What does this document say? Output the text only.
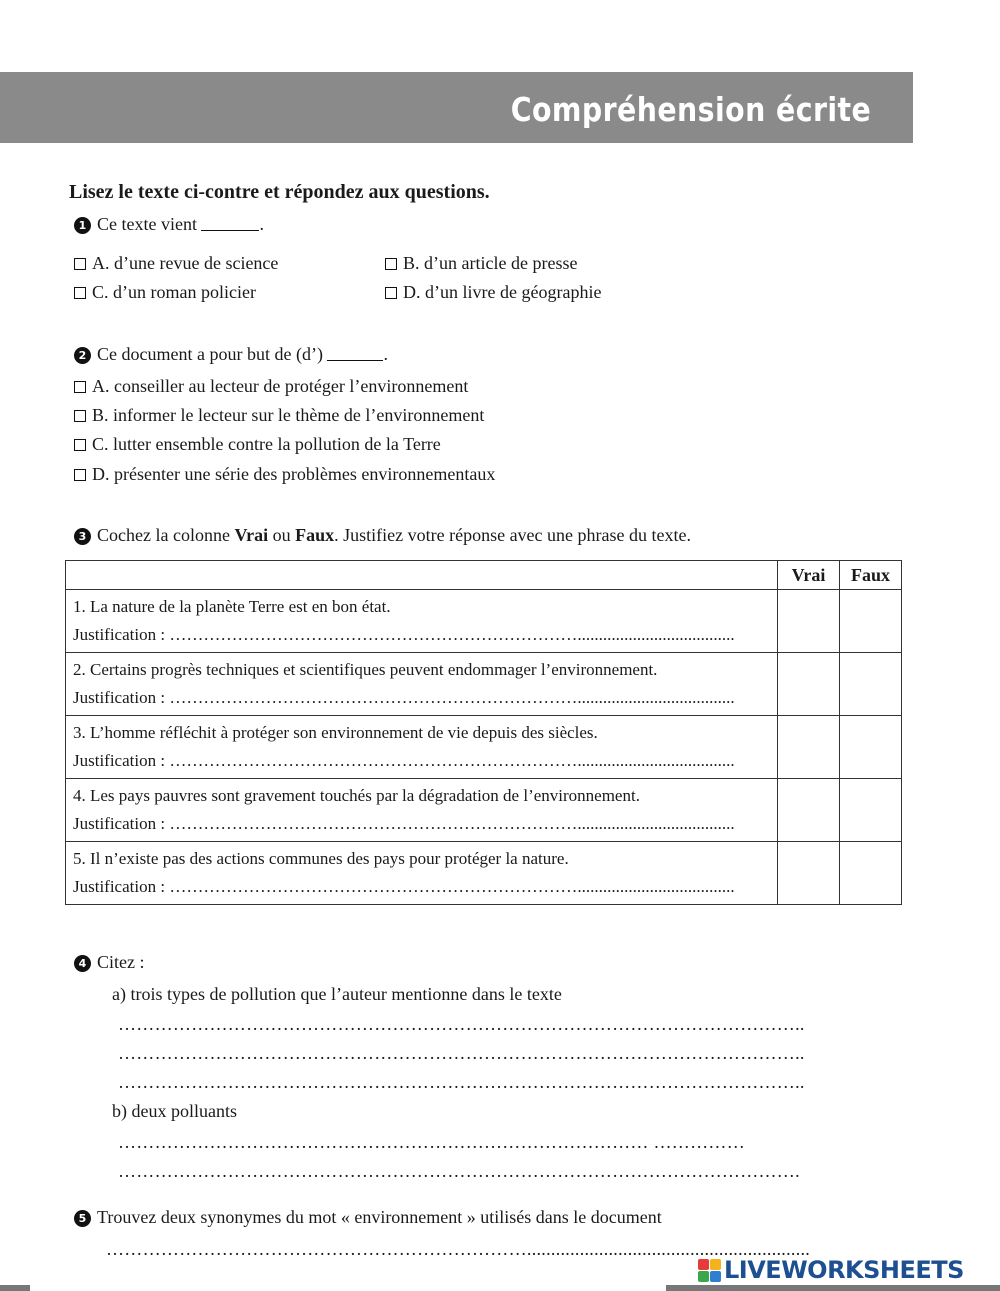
Compréhension écrite
Lisez le texte ci-contre et répondez aux questions.
1 Ce texte vient	.
A. d’une revue de science	B. d’un article de presse
C. d’un roman policier	D. d’un livre de géographie
2 Ce document a pour but de (d’)	.
A. conseiller au lecteur de protéger l’environnement
B. informer le lecteur sur le thème de l’environnement
C. lutter ensemble contre la pollution de la Terre
D. présenter une série des problèmes environnementaux
3 Cochez la colonne Vrai ou Faux. Justifiez votre réponse avec une phrase du texte.
	Vrai	Faux

1. La nature de la planète Terre est en bon état.
Justification : ……………………………………………………………….....................................		

2. Certains progrès techniques et scientifiques peuvent endommager l’environnement.
Justification : ……………………………………………………………….....................................		

3. L’homme réfléchit à protéger son environnement de vie depuis des siècles.
Justification : ……………………………………………………………….....................................		

4. Les pays pauvres sont gravement touchés par la dégradation de l’environnement.
Justification : ……………………………………………………………….....................................		

5. Il n’existe pas des actions communes des pays pour protéger la nature.
Justification : ……………………………………………………………….....................................		

4 Citez :
a) trois types de pollution que l’auteur mentionne dans le texte
…………………………………………………………………………………………………..
…………………………………………………………………………………………………..
…………………………………………………………………………………………………..
b) deux polluants
…………………………………………………………………………… ……………
………………………………………………………………………………………………….
5 Trouvez deux synonymes du mot « environnement » utilisés dans le document
……………………………………………………………...........................................................
LIVEWORKSHEETS
